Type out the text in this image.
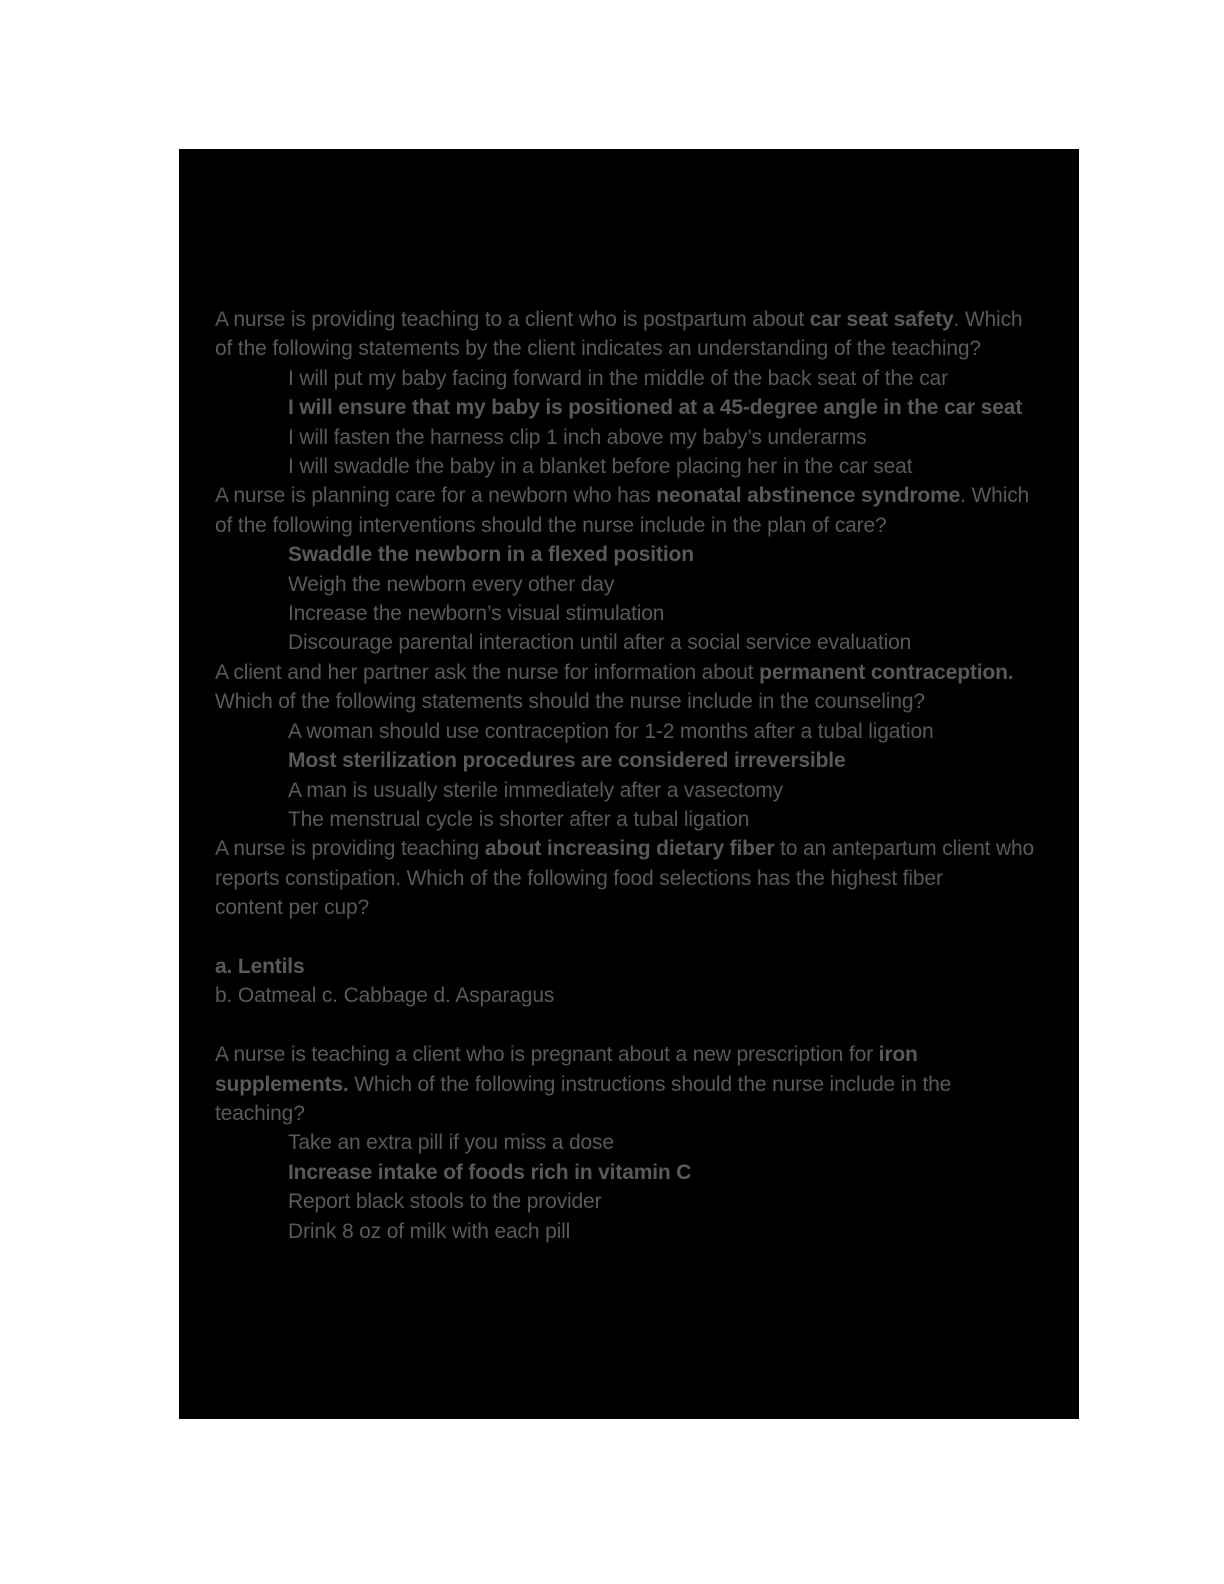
A nurse is providing teaching to a client who is postpartum about car seat safety. Which
of the following statements by the client indicates an understanding of the teaching?
I will put my baby facing forward in the middle of the back seat of the car
I will ensure that my baby is positioned at a 45-degree angle in the car seat
I will fasten the harness clip 1 inch above my baby’s underarms
I will swaddle the baby in a blanket before placing her in the car seat
A nurse is planning care for a newborn who has neonatal abstinence syndrome. Which
of the following interventions should the nurse include in the plan of care?
Swaddle the newborn in a flexed position
Weigh the newborn every other day
Increase the newborn’s visual stimulation
Discourage parental interaction until after a social service evaluation
A client and her partner ask the nurse for information about permanent contraception.
Which of the following statements should the nurse include in the counseling?
A woman should use contraception for 1-2 months after a tubal ligation
Most sterilization procedures are considered irreversible
A man is usually sterile immediately after a vasectomy
The menstrual cycle is shorter after a tubal ligation
A nurse is providing teaching about increasing dietary fiber to an antepartum client who
reports constipation. Which of the following food selections has the highest fiber
content per cup?

a. Lentils
b. Oatmeal c. Cabbage d. Asparagus

A nurse is teaching a client who is pregnant about a new prescription for iron
supplements. Which of the following instructions should the nurse include in the
teaching?
Take an extra pill if you miss a dose
Increase intake of foods rich in vitamin C
Report black stools to the provider
Drink 8 oz of milk with each pill
